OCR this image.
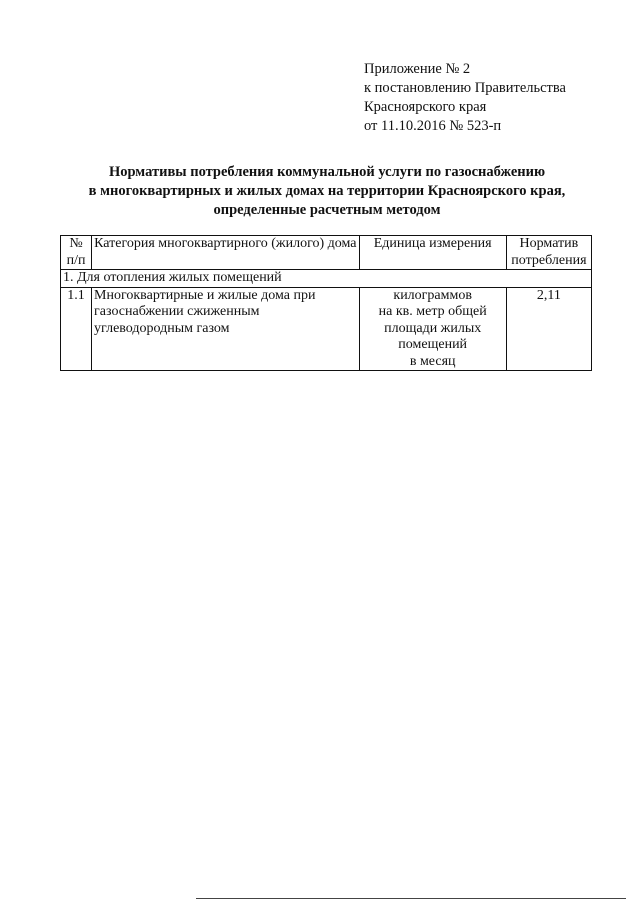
Приложение № 2
к постановлению Правительства
Красноярского края
от 11.10.2016 № 523-п
Нормативы потребления коммунальной услуги по газоснабжению
в многоквартирных и жилых домах на территории Красноярского края,
определенные расчетным методом
№ п/п	Категория многоквартирного (жилого) дома	Единица измерения	Норматив потребления
1. Для отопления жилых помещений			
1.1	Многоквартирные и жилые дома при газоснабжении сжиженным углеводородным газом	килограммов
на кв. метр общей
площади жилых
помещений
в месяц	2,11
